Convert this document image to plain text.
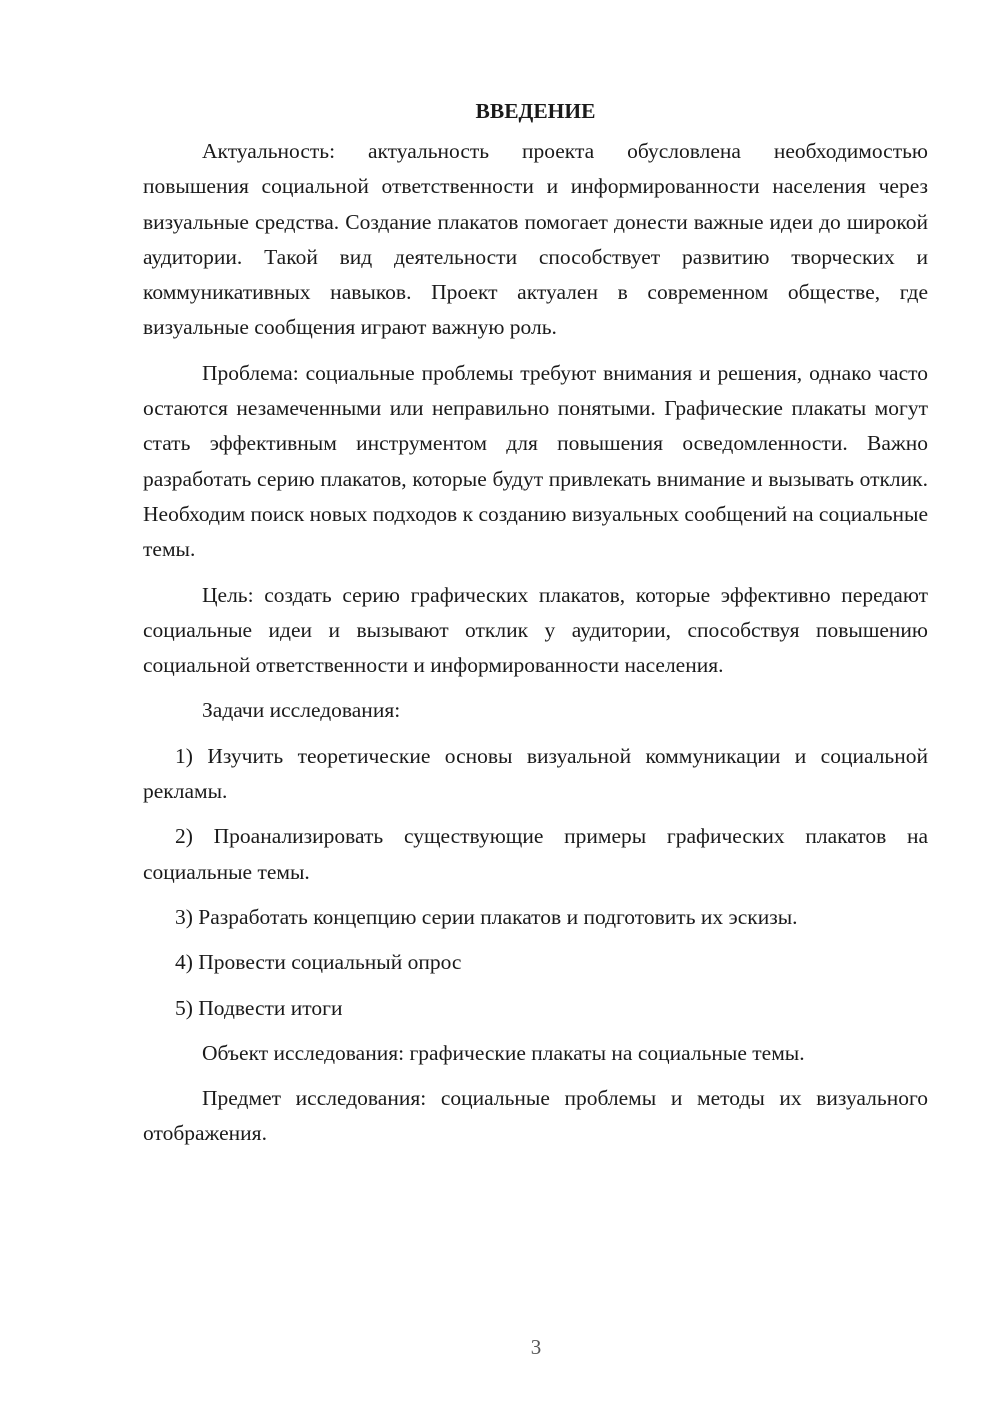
ВВЕДЕНИЕ

Актуальность: актуальность проекта обусловлена необходимостью повышения социальной ответственности и информированности населения через визуальные средства. Создание плакатов помогает донести важные идеи до широкой аудитории. Такой вид деятельности способствует развитию творческих и коммуникативных навыков. Проект актуален в современном обществе, где визуальные сообщения играют важную роль.

Проблема: социальные проблемы требуют внимания и решения, однако часто остаются незамеченными или неправильно понятыми. Графические плакаты могут стать эффективным инструментом для повышения осведомленности. Важно разработать серию плакатов, которые будут привлекать внимание и вызывать отклик. Необходим поиск новых подходов к созданию визуальных сообщений на социальные темы.

Цель: создать серию графических плакатов, которые эффективно передают социальные идеи и вызывают отклик у аудитории, способствуя повышению социальной ответственности и информированности населения.

Задачи исследования:

1) Изучить теоретические основы визуальной коммуникации и социальной рекламы.

2) Проанализировать существующие примеры графических плакатов на социальные темы.

3) Разработать концепцию серии плакатов и подготовить их эскизы.

4) Провести социальный опрос

5) Подвести итоги

Объект исследования: графические плакаты на социальные темы.

Предмет исследования: социальные проблемы и методы их визуального отображения.

3
